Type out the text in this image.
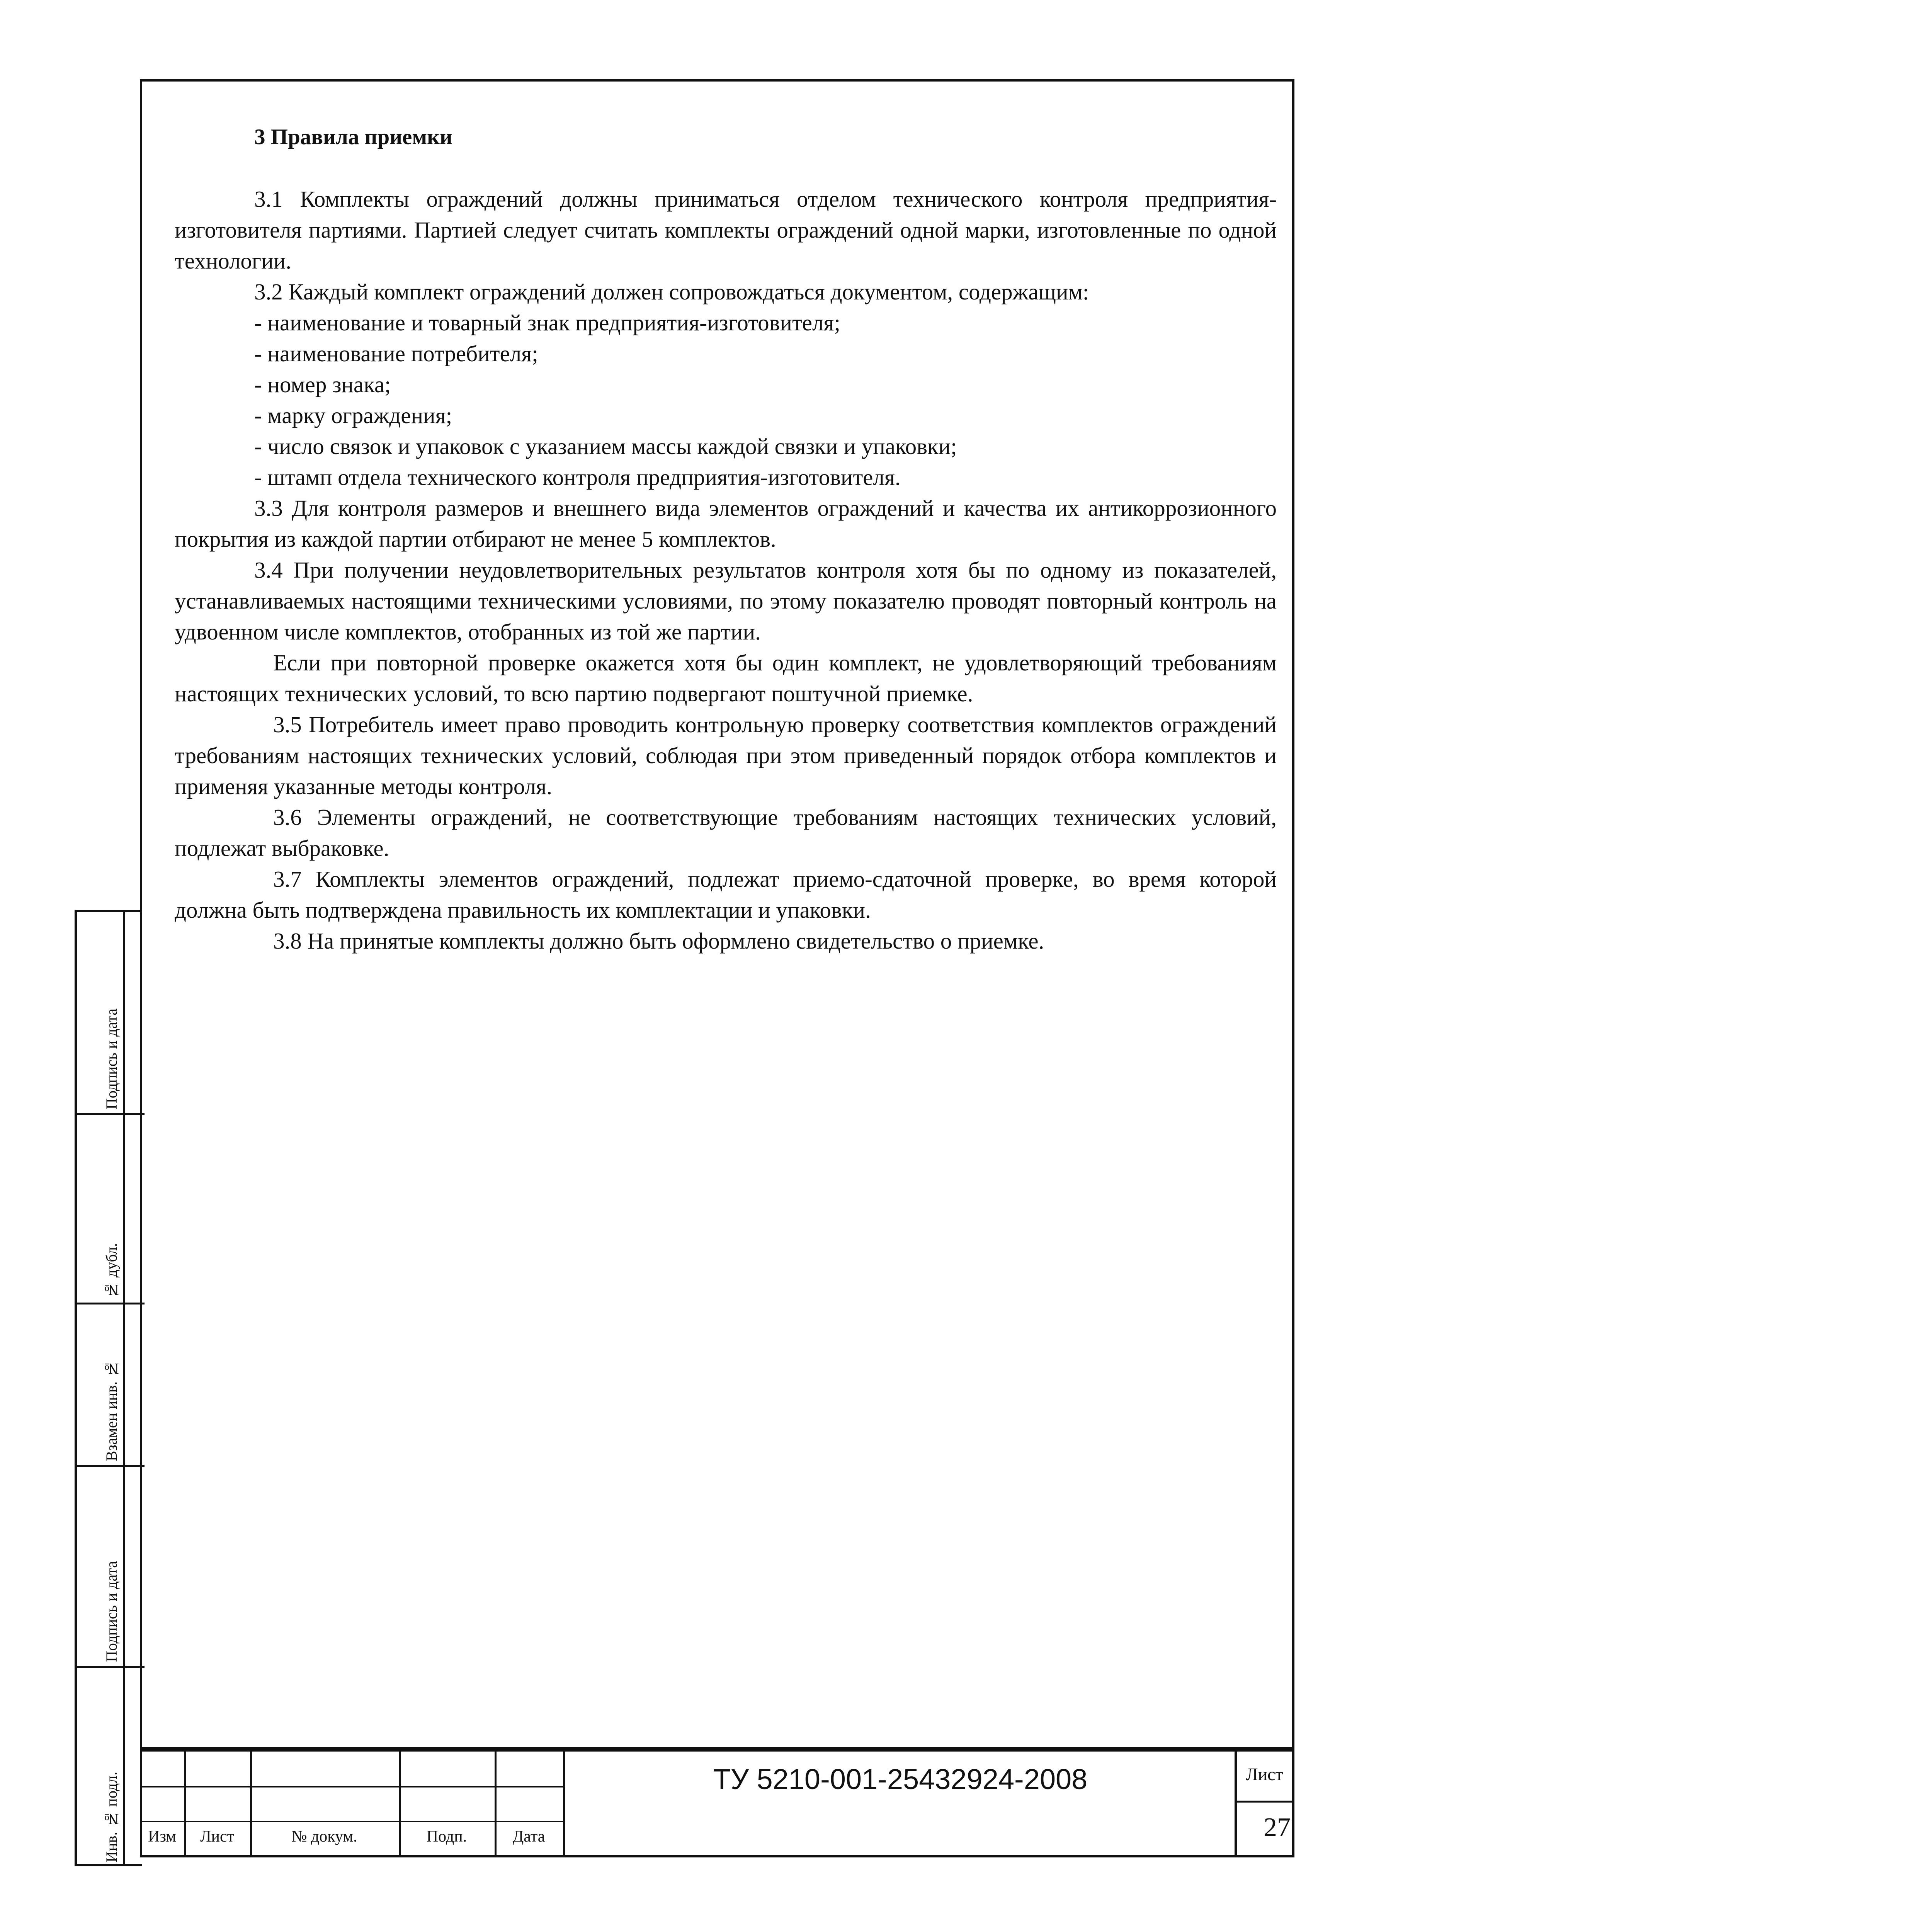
3 Правила приемки

3.1 Комплекты ограждений должны приниматься отделом технического контроля предприятия-изготовителя партиями. Партией следует считать комплекты ограждений одной марки, изготовленные по одной технологии.

3.2 Каждый комплект ограждений должен сопровождаться документом, содержащим:

- наименование и товарный знак предприятия-изготовителя;

- наименование потребителя;

- номер знака;

- марку ограждения;

- число связок и упаковок с указанием массы каждой связки и упаковки;

- штамп отдела технического контроля предприятия-изготовителя.

3.3 Для контроля размеров и внешнего вида элементов ограждений и качества их антикоррозионного покрытия из каждой партии отбирают не менее 5 комплектов.

3.4 При получении неудовлетворительных результатов контроля хотя бы по одному из показателей, устанавливаемых настоящими техническими условиями, по этому показателю проводят повторный контроль на удвоенном числе комплектов, отобранных из той же партии.

Если при повторной проверке окажется хотя бы один комплект, не удовлетворяющий требованиям настоящих технических условий, то всю партию подвергают поштучной приемке.

3.5 Потребитель имеет право проводить контрольную проверку соответствия комплектов ограждений требованиям настоящих технических условий, соблюдая при этом приведенный порядок отбора комплектов и применяя указанные методы контроля.

3.6 Элементы ограждений, не соответствующие требованиям настоящих технических условий, подлежат выбраковке.

3.7 Комплекты элементов ограждений, подлежат приемо-сдаточной проверке, во время которой должна быть подтверждена правильность их комплектации и упаковки.

3.8 На принятые комплекты должно быть оформлено свидетельство о приемке.

Подпись и дата
№ дубл.
Взамен инв. №
Подпись и дата
Инв. № подл.	Изм	Лист	№ докум.	Подп.	Дата
ТУ 5210-001-25432924-2008	Лист
27
